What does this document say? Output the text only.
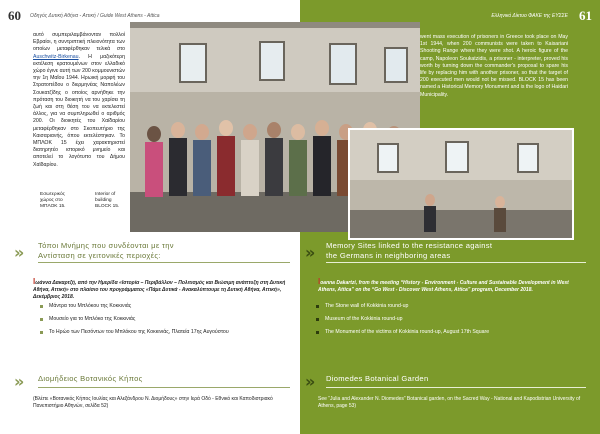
60 Οδηγός Δυτική Αθήνα - Αττική / Guide West Athens - Attica
αυτό συμπεριλαμβάνονταν πολλοί Εβραίοι, η συντριπτική πλειονότητα των οποίων μεταφέρθηκαν τελικά στο Auschwitz-Birkenau. Η μαζικότερη εκτέλεση κρατουμένων στον ελλαδικό χώρο έγινε αυτή των 200 κομμουνιστών την 1η Μαΐου 1944. Ηρωική μορφή του Στρατοπέδου ο διερμηνέας Ναπολέων Σουκατζίδης ο οποίος αρνήθηκε την πρόταση του διοικητή να του χαρίσει τη ζωή και στη θέση του να εκτελεστεί άλλος, για να συμπληρωθεί ο αριθμός 200. Οι διοικητές του Χαϊδαρίου μεταφέρθηκαν στο Σκοπευτήριο της Καισαριανής, όπου εκτελέστηκαν. Το ΜΠΛΟΚ 15 έχει χαρακτηριστεί διατηρητέο ιστορικό μνημείο και αποτελεί το λογότυπο του Δήμου Χαϊδαρίου.
Εσωτερικός χώρος στο ΜΠΛΟΚ 15.
Interior of building BLOCK 15.
» Τόποι Μνήμης που συνδέονται με την
Αντίσταση σε γειτονικές περιοχές:
Ιωάννα Δακαρτζή, από την Ημερίδα «Ιστορία – Περιβάλλον – Πολιτισμός και Βιώσιμη ανάπτυξη στη Δυτική Αθήνα, Αττική» στο πλαίσιο του προγράμματος «Πάμε Δυτικά - Ανακαλύπτουμε τη Δυτική Αθήνα, Αττική», Δεκέμβριος 2018.
Μάντρα του Μπλόκου της Κοκκινιάς
Μουσείο για το Μπλόκο της Κοκκινιάς
Το Ηρώο των Πεσόντων του Μπλόκου της Κοκκινιάς, Πλατεία 17ης Αυγούστου
» Διομήδειος Βοτανικός Κήπος
(Βλέπε «Βοτανικός Κήπος Ιουλίας και Αλεξάνδρου Ν. Διομήδους» στην Ιερά Οδό - Εθνικό και Καποδιστριακό Πανεπιστήμιο Αθηνών, σελίδα 52)
Ελληνικό Δίκτυο ΦΑΚΕ της ΕΥΣΣΕ 61
went mass execution of prisoners in Greece took place on May 1st 1944, when 200 communists were taken to Kaisariani Shooting Range where they were shot. A heroic figure of the camp, Napoleon Soukatzidis, a prisoner - interpreter, proved his worth by turning down the commander's proposal to spare his life by replacing him with another prisoner, so that the target of 200 executed men would not be missed. BLOCK 15 has been named a Historical Memory Monument and is the logo of Haidari Municipality.
» Memory Sites linked to the resistance against
the Germans in neighboring areas
Ioanna Dakartzi, from the meeting “History - Environment - Culture and Sustainable Development in West Athens, Attica” on the “Go West - Discover West Athens, Attica” program, December 2018.
The Stone wall of Kokkinia round-up
Museum of the Kokkinia round-up
The Monument of the victims of Kokkinia round-up, August 17th Square
» Diomedes Botanical Garden
See “Julia and Alexander N. Diomedes” Botanical garden, on the Sacred Way - National and Kapodistrian University of Athens, page 53)
